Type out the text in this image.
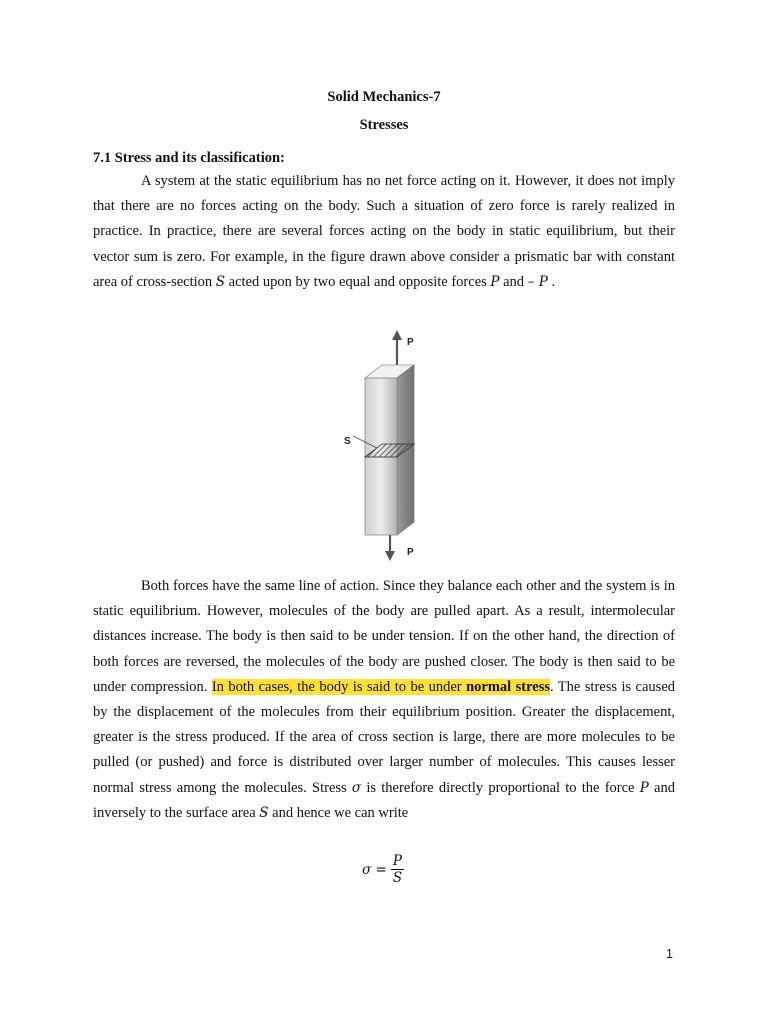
Solid Mechanics-7
Stresses
7.1 Stress and its classification:

A system at the static equilibrium has no net force acting on it. However, it does not imply that there are no forces acting on the body. Such a situation of zero force is rarely realized in practice. In practice, there are several forces acting on the body in static equilibrium, but their vector sum is zero. For example, in the figure drawn above consider a prismatic bar with constant area of cross-section S acted upon by two equal and opposite forces P and – P .

P
S
P

Both forces have the same line of action. Since they balance each other and the system is in static equilibrium. However, molecules of the body are pulled apart. As a result, intermolecular distances increase. The body is then said to be under tension. If on the other hand, the direction of both forces are reversed, the molecules of the body are pushed closer. The body is then said to be under compression. In both cases, the body is said to be under normal stress. The stress is caused by the displacement of the molecules from their equilibrium position. Greater the displacement, greater is the stress produced. If the area of cross section is large, there are more molecules to be pulled (or pushed) and force is distributed over larger number of molecules. This causes lesser normal stress among the molecules. Stress σ is therefore directly proportional to the force P and inversely to the surface area S and hence we can write

$\sigma = \frac{P}{S}$
1
